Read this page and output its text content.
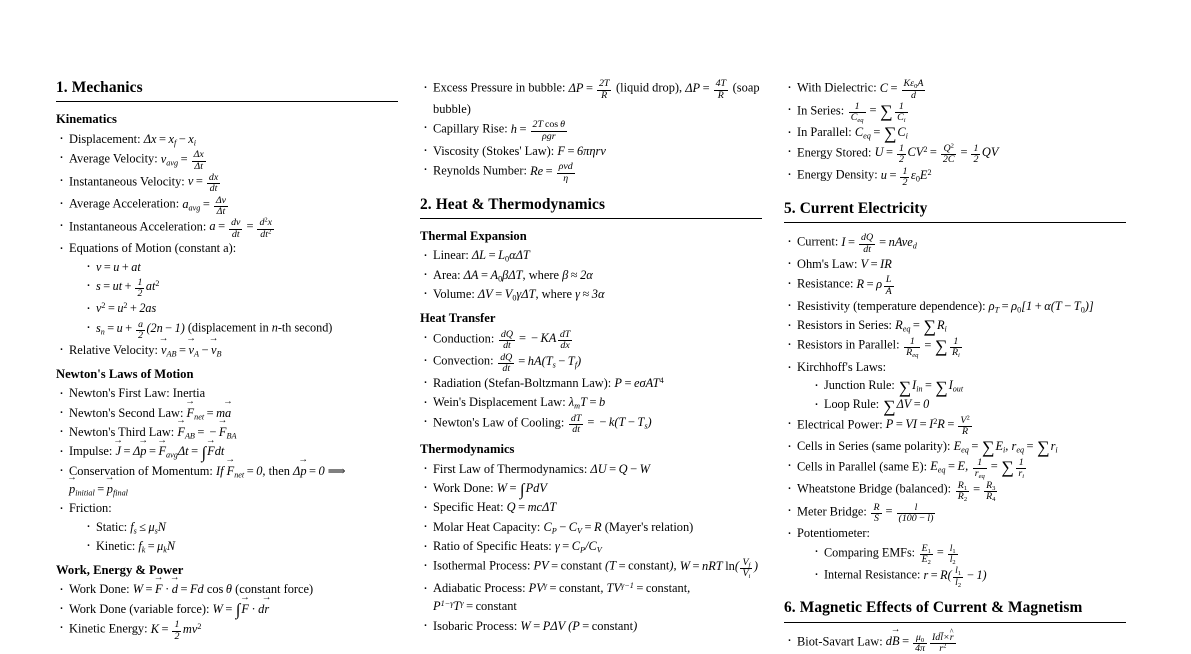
1. Mechanics
Kinematics
· Displacement: $\Delta x = x_f - x_i$
· Average Velocity: $v_{avg} = \frac{\Delta x}{\Delta t}$
· Instantaneous Velocity: $v = \frac{dx}{dt}$
· Average Acceleration: $a_{avg} = \frac{\Delta v}{\Delta t}$
· Instantaneous Acceleration: $a = \frac{dv}{dt} = \frac{d^2x}{dt^2}$
· Equations of Motion (constant a):
· v = u + at
· s = ut + $\frac{1}{2} at^2$
· $v^2 = u^2 + 2as$
· $s_n = u + \frac{a}{2} (2n - 1)$ (displacement in n-th second)
· Relative Velocity: $v \to_{AB} = v \to_A - v \to_B$
Newton's Laws of Motion
· Newton's First Law: Inertia
· Newton's Second Law: $F \to_{net}$ = ma →
· Newton's Third Law: $F \to_{AB}$ = − $F \to_{BA}$
· Impulse: J → = Δp → = $F \to_{avg}\Delta t = \int F \to dt$
· Conservation of Momentum: If $F \to_{net} = 0$, then Δp → = 0 ⟹ $p \to_{initial} = p \to_{final}$
· Friction:
· Static: $f_s \le \mu_sN$
· Kinetic: $f_k = \mu_kN$
Work, Energy & Power
· Work Done: W = F → · d → = Fd cos θ (constant force)
· Work Done (variable force): W = ∫F → · dr →
· Kinetic Energy: $K = \frac{1}{2} mv^2$
· Excess Pressure in bubble: $\Delta P = \frac{2T}{R}$ (liquid drop), $\Delta P = \frac{4T}{R}$ (soap bubble)
· Capillary Rise: $h = \frac{\text{2T  cos θ}}{\text{ρgr}}$
· Viscosity (Stokes' Law): F = 6πηrv
· Reynolds Number: $Re = \frac{\text{ρvd}}{\eta}$
2. Heat & Thermodynamics
Thermal Expansion
· Linear: $\Delta L = L_0\alpha\Delta T$
· Area: $\Delta A = A_0\beta\Delta T$, where β ≈ 2α
· Volume: $\Delta V = V_0\gamma\Delta T$, where γ ≈ 3α
Heat Transfer
· Conduction: $\frac{dQ}{dt}$ = − KA $\frac{dT}{dx}$
· Convection: $\frac{dQ}{dt} = hA(T_s - T_f)$
· Radiation (Stefan-Boltzmann Law): P = eσAT$^4$
· Wein's Displacement Law: $\lambda_mT = b$
· Newton's Law of Cooling: $\frac{dT}{dt}$ = − $k(T - T_s)$
Thermodynamics
· First Law of Thermodynamics: ΔU = Q − W
· Work Done: W = ∫PdV
· Specific Heat: Q = mcΔT
· Molar Heat Capacity: $C_P - C_V = R$ (Mayer's relation)
· Ratio of Specific Heats: $\gamma = C_P/C_V$
· Isothermal Process: PV = constant (T = constant), W = nRT  $\ln( \frac{V_f}{V_i}$ )
· Adiabatic Process: $PV^\gamma$ = constant, $TV^{\gamma-1}$ = constant, $P^{1-\gamma}T^\gamma$ = constant
· Isobaric Process: W = PΔV (P = constant)
· With Dielectric: $C = \frac{K\varepsilon_0A}{d}$
· In Series: $\frac{1}{C_{eq}}$ = ∑ $\frac{1}{C_i}$
· In Parallel: $C_{eq} = \sum C_i$
· Energy Stored: $U = \frac{1}{2} CV^2 = \frac{Q^2}{2C} = \frac{1}{2}$ QV
· Energy Density: $u = \frac{1}{2} \varepsilon_0E^2$
5. Current Electricity
· Current: $I = \frac{dQ}{dt}$ = nAve$_d$
· Ohm's Law: V = IR
· Resistance: R = ρ $\frac{L}{A}$
· Resistivity (temperature dependence): $\rho_T = \rho_0[1 + \alpha(T - T_0)]$
· Resistors in Series: $R_{eq} = \sum R_i$
· Resistors in Parallel: $\frac{1}{R_{eq}}$ = ∑ $\frac{1}{R_i}$
· Kirchhoff's Laws:
· Junction Rule: $\sum I_{in} = \sum I_{out}$
· Loop Rule: ∑ΔV = 0
· Electrical Power: P = VI = $I^2R = \frac{V^2}{R}$
· Cells in Series (same polarity): $E_{eq} = \sum E_i$, $r_{eq} = \sum r_i$
· Cells in Parallel (same E): $E_{eq} = E$, $\frac{1}{r_{eq}}$ = ∑ $\frac{1}{r_i}$
· Wheatstone Bridge (balanced): $\frac{R_1}{R_2} = \frac{R_3}{R_4}$
· Meter Bridge: $\frac{R}{S} = \frac{l}{(100 - l)}$
· Potentiometer:
· Comparing EMFs: $\frac{E_1}{E_2} = \frac{l_1}{l_2}$
· Internal Resistance: $r = R( \frac{l_1}{l_2} - 1)$
6. Magnetic Effects of Current & Magnetism
· Biot-Savart Law: dB → = $\frac{\mu_0}{4\pi} \frac{\text{Idl →×r \textasciicircum{}}}{r^2}$
